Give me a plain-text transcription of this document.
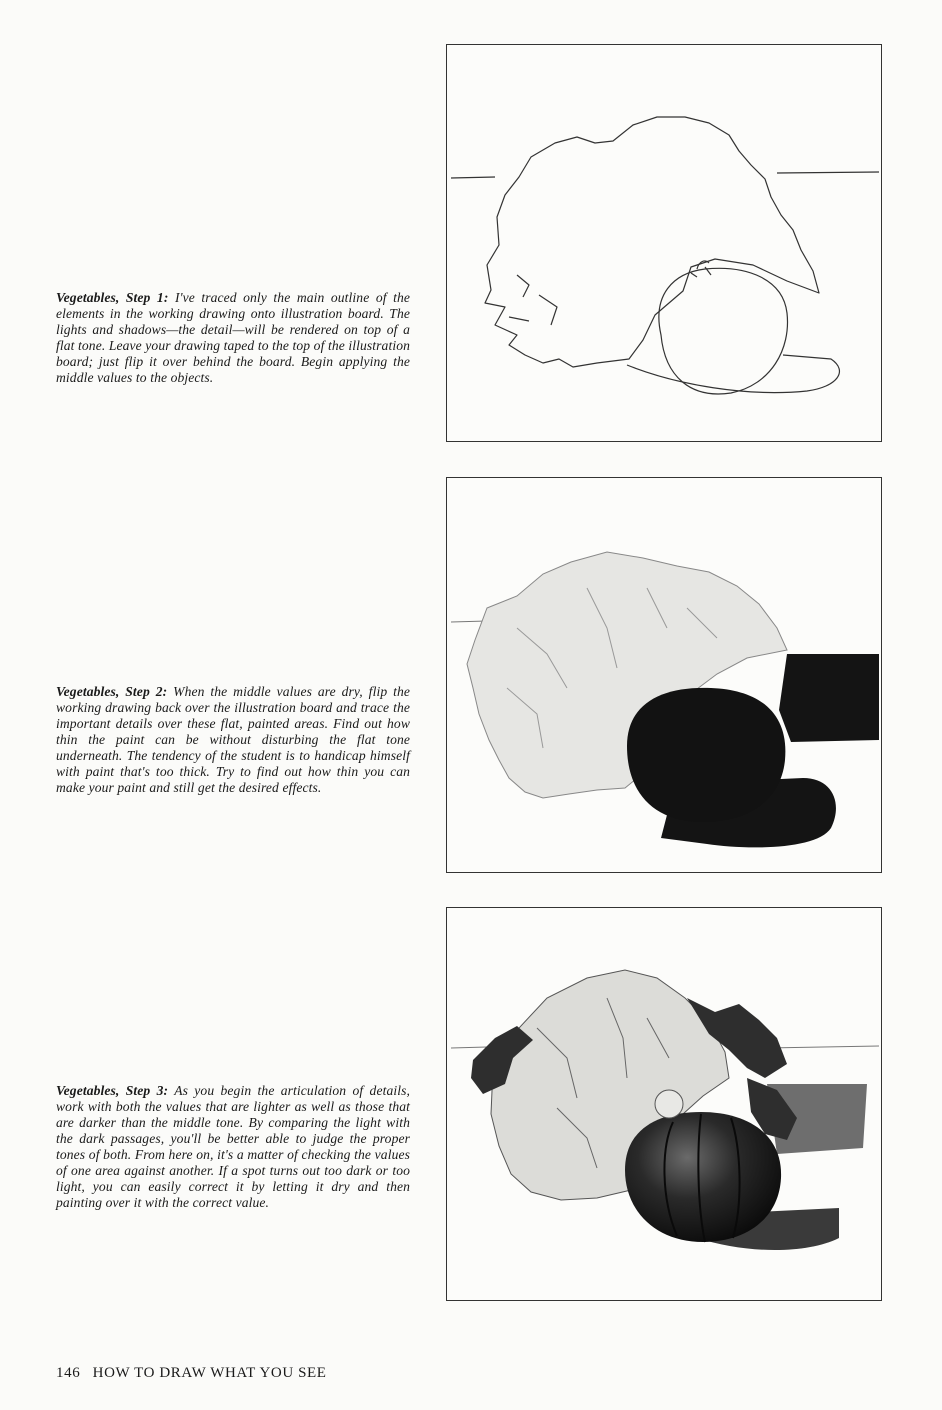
Vegetables, Step 1: I've traced only the main outline of the elements in the working drawing onto illustration board. The lights and shadows—the detail—will be rendered on top of a flat tone. Leave your drawing taped to the top of the illustration board; just flip it over behind the board. Begin applying the middle values to the objects.
Vegetables, Step 2: When the middle values are dry, flip the working drawing back over the illustration board and trace the important details over these flat, painted areas. Find out how thin the paint can be without disturbing the flat tone underneath. The tendency of the student is to handicap himself with paint that's too thick. Try to find out how thin you can make your paint and still get the desired effects.
Vegetables, Step 3: As you begin the articulation of details, work with both the values that are lighter as well as those that are darker than the middle tone. By comparing the light with the dark passages, you'll be better able to judge the proper tones of both. From here on, it's a matter of checking the values of one area against another. If a spot turns out too dark or too light, you can easily correct it by letting it dry and then painting over it with the correct value.
146 HOW TO DRAW WHAT YOU SEE
